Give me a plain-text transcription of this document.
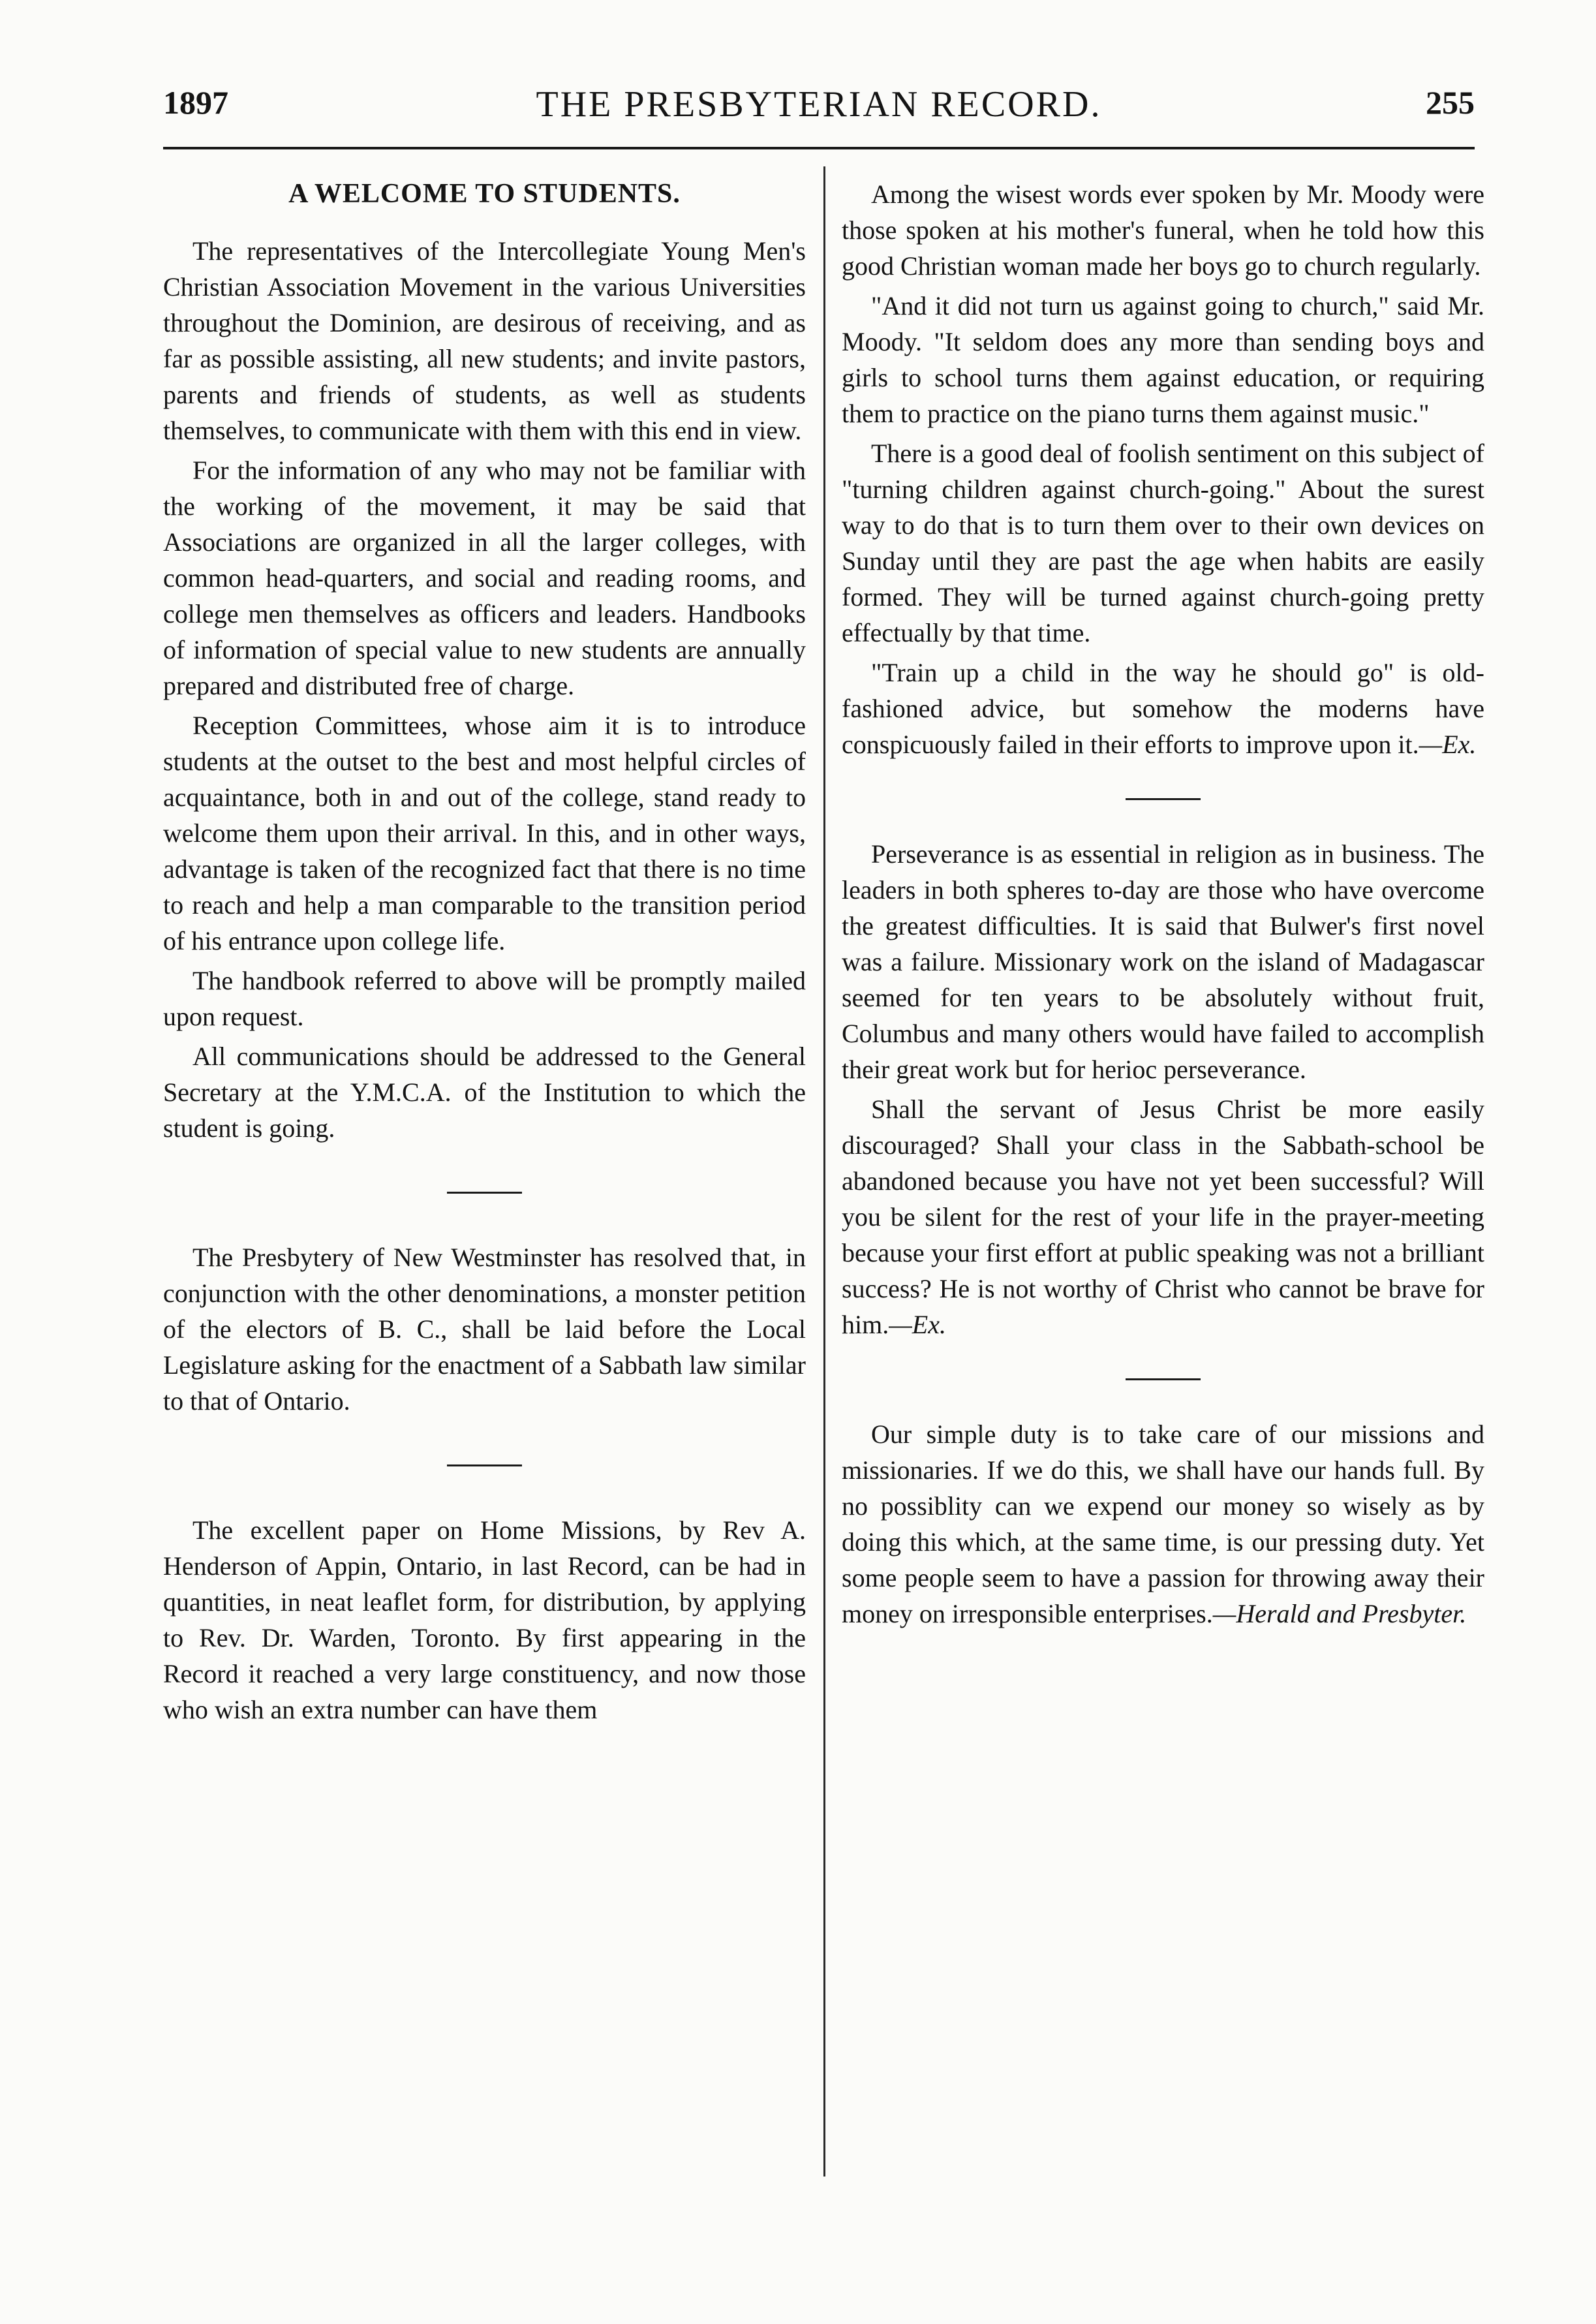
1897	THE PRESBYTERIAN RECORD.	255
A WELCOME TO STUDENTS.

The representatives of the Intercollegiate Young Men's Christian Association Movement in the various Universities throughout the Dominion, are desirous of receiving, and as far as possible assisting, all new students; and invite pastors, parents and friends of students, as well as students themselves, to communicate with them with this end in view.

For the information of any who may not be familiar with the working of the movement, it may be said that Associations are organized in all the larger colleges, with common head-quarters, and social and reading rooms, and college men themselves as officers and leaders. Handbooks of information of special value to new students are annually prepared and distributed free of charge.

Reception Committees, whose aim it is to introduce students at the outset to the best and most helpful circles of acquaintance, both in and out of the college, stand ready to welcome them upon their arrival. In this, and in other ways, advantage is taken of the recognized fact that there is no time to reach and help a man comparable to the transition period of his entrance upon college life.

The handbook referred to above will be promptly mailed upon request.

All communications should be addressed to the General Secretary at the Y.M.C.A. of the Institution to which the student is going.

The Presbytery of New Westminster has resolved that, in conjunction with the other denominations, a monster petition of the electors of B. C., shall be laid before the Local Legislature asking for the enactment of a Sabbath law similar to that of Ontario.

The excellent paper on Home Missions, by Rev A. Henderson of Appin, Ontario, in last Record, can be had in quantities, in neat leaflet form, for distribution, by applying to Rev. Dr. Warden, Toronto. By first appearing in the Record it reached a very large constituency, and now those who wish an extra number can have them

Among the wisest words ever spoken by Mr. Moody were those spoken at his mother's funeral, when he told how this good Christian woman made her boys go to church regularly.

"And it did not turn us against going to church," said Mr. Moody. "It seldom does any more than sending boys and girls to school turns them against education, or requiring them to practice on the piano turns them against music."

There is a good deal of foolish sentiment on this subject of "turning children against church-going." About the surest way to do that is to turn them over to their own devices on Sunday until they are past the age when habits are easily formed. They will be turned against church-going pretty effectually by that time.

"Train up a child in the way he should go" is old-fashioned advice, but somehow the moderns have conspicuously failed in their efforts to improve upon it.—Ex.

Perseverance is as essential in religion as in business. The leaders in both spheres to-day are those who have overcome the greatest difficulties. It is said that Bulwer's first novel was a failure. Missionary work on the island of Madagascar seemed for ten years to be absolutely without fruit, Columbus and many others would have failed to accomplish their great work but for herioc perseverance.

Shall the servant of Jesus Christ be more easily discouraged? Shall your class in the Sabbath-school be abandoned because you have not yet been successful? Will you be silent for the rest of your life in the prayer-meeting because your first effort at public speaking was not a brilliant success? He is not worthy of Christ who cannot be brave for him.—Ex.

Our simple duty is to take care of our missions and missionaries. If we do this, we shall have our hands full. By no possiblity can we expend our money so wisely as by doing this which, at the same time, is our pressing duty. Yet some people seem to have a passion for throwing away their money on irresponsible enterprises.—Herald and Presbyter.
